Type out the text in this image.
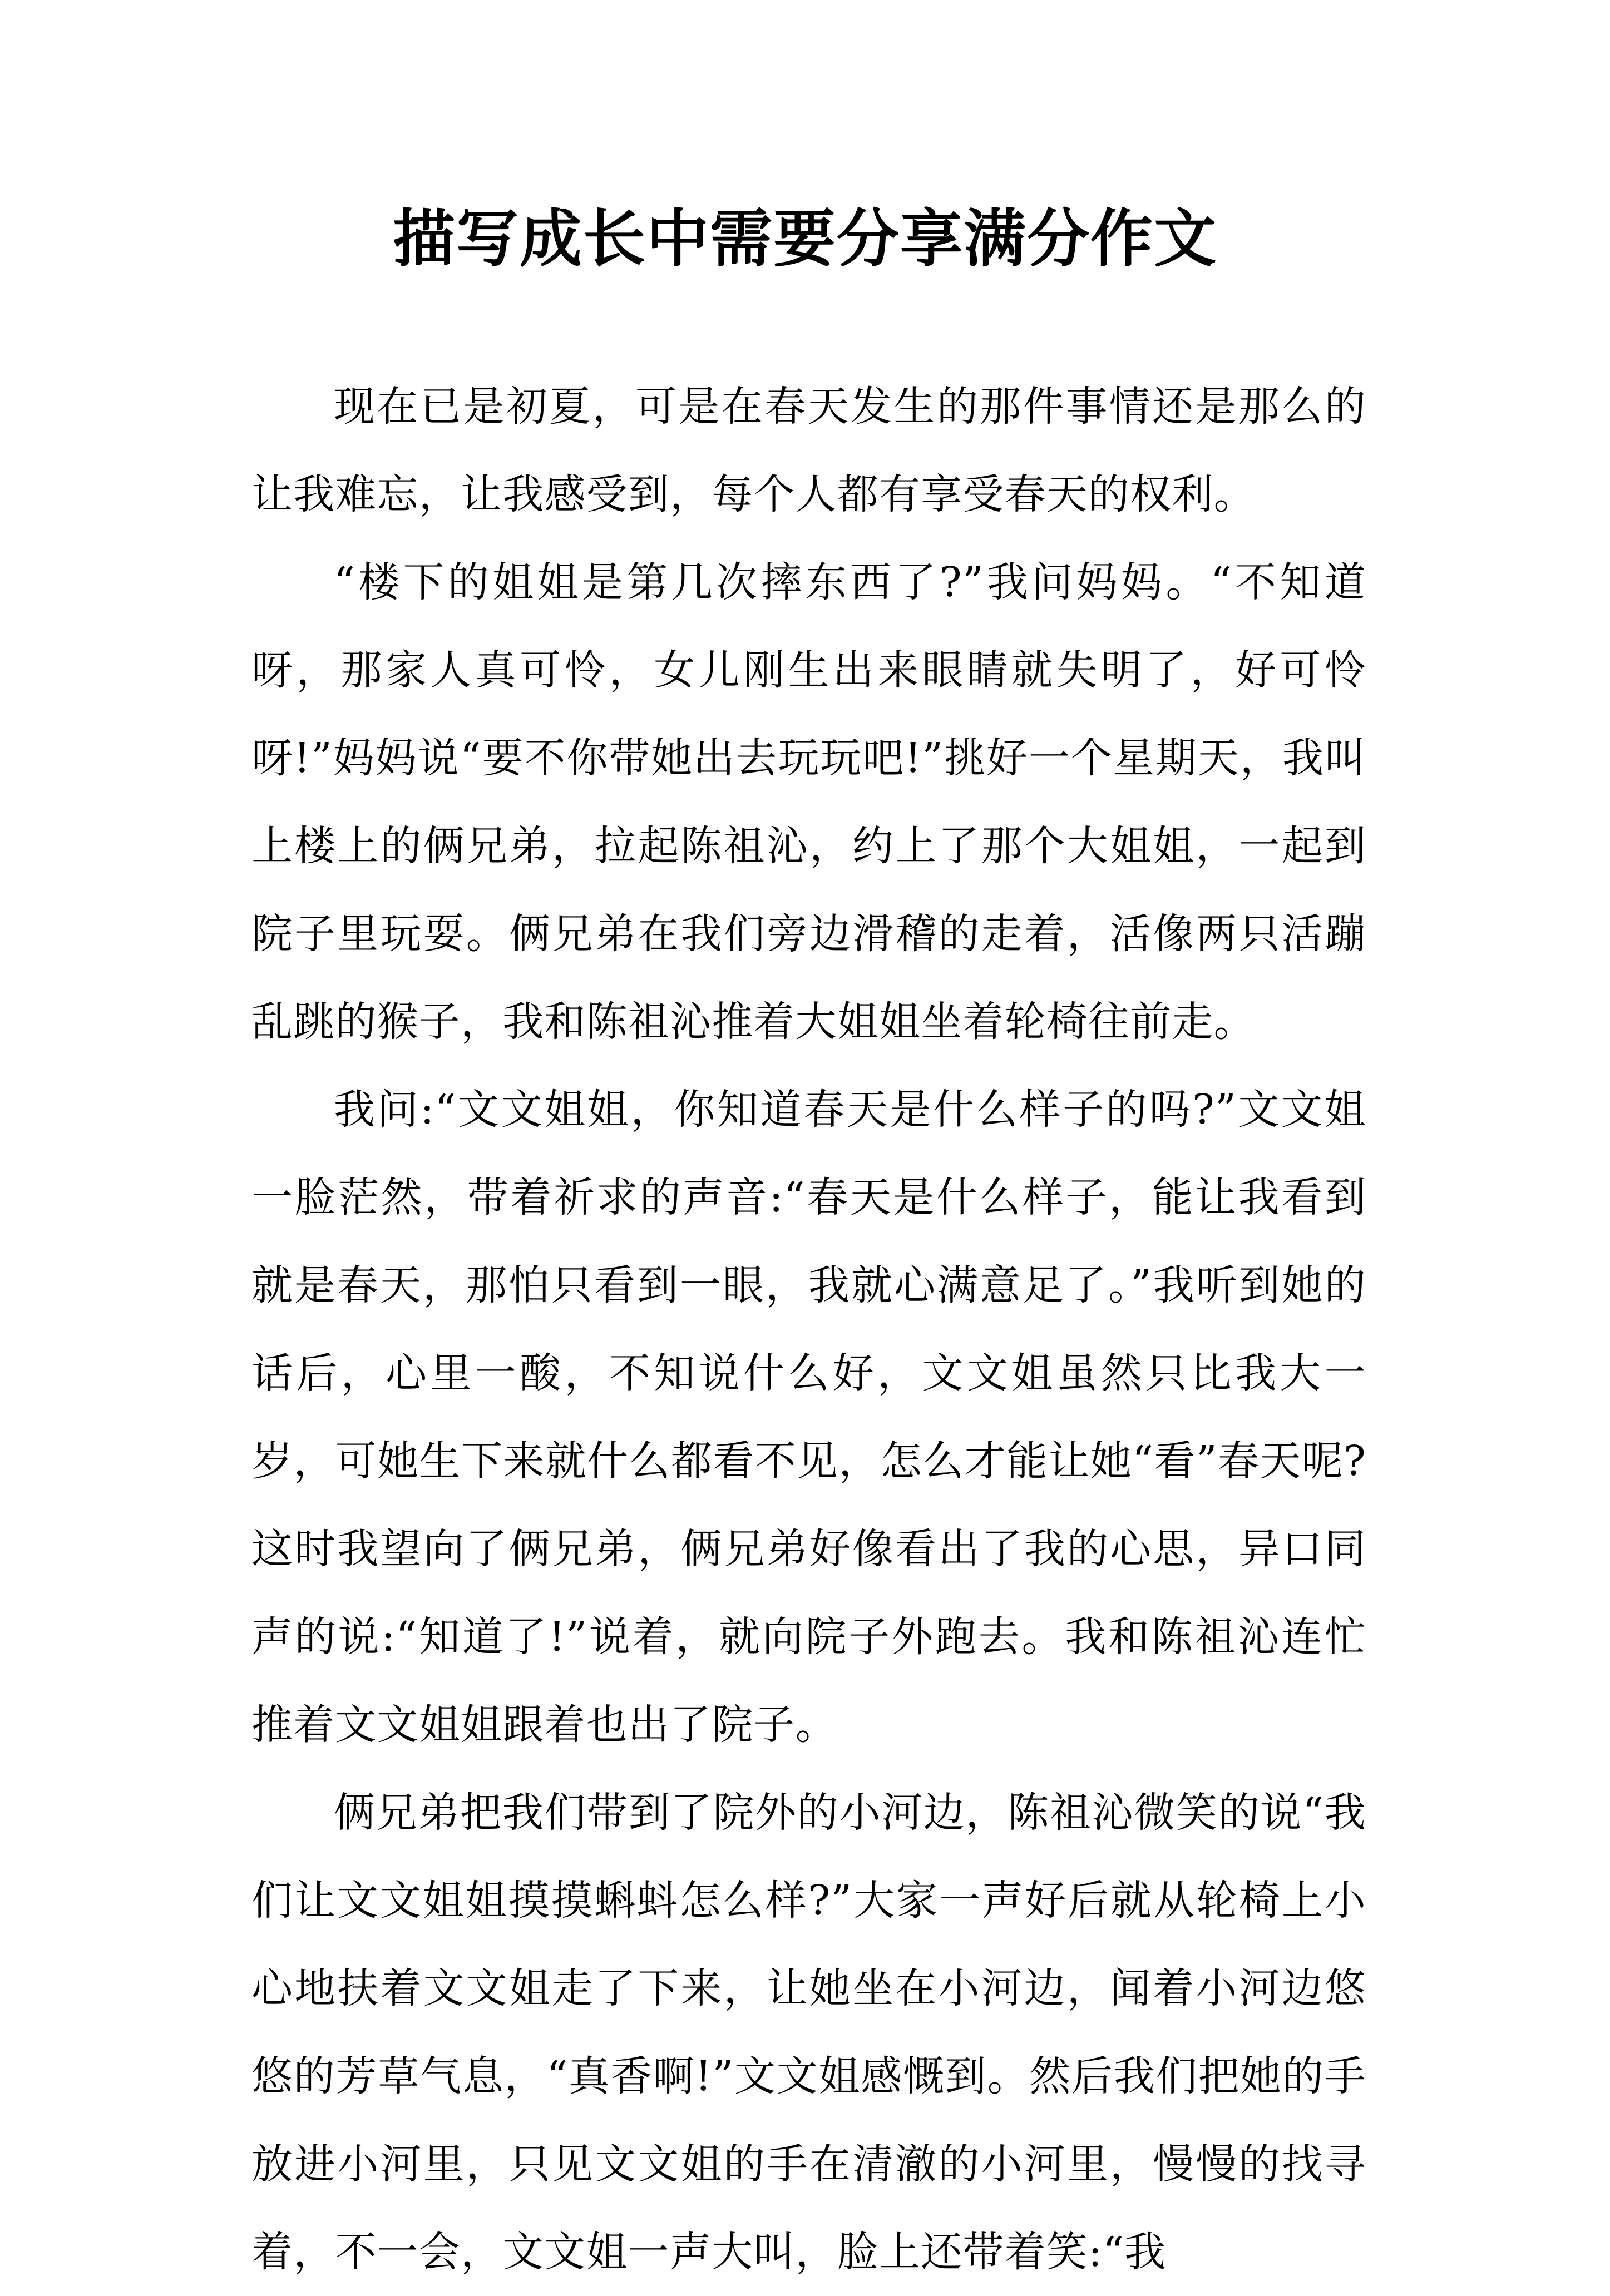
描写成长中需要分享满分作文

现在已是初夏，可是在春天发生的那件事情还是那么的让我难忘，让我感受到，每个人都有享受春天的权利。

“楼下的姐姐是第几次摔东西了?”我问妈妈。“不知道呀，那家人真可怜，女儿刚生出来眼睛就失明了，好可怜呀!”妈妈说“要不你带她出去玩玩吧!”挑好一个星期天，我叫上楼上的俩兄弟，拉起陈祖沁，约上了那个大姐姐，一起到院子里玩耍。俩兄弟在我们旁边滑稽的走着，活像两只活蹦乱跳的猴子，我和陈祖沁推着大姐姐坐着轮椅往前走。

我问:“文文姐姐，你知道春天是什么样子的吗?”文文姐一脸茫然，带着祈求的声音:“春天是什么样子，能让我看到就是春天，那怕只看到一眼，我就心满意足了。”我听到她的话后，心里一酸，不知说什么好，文文姐虽然只比我大一岁，可她生下来就什么都看不见，怎么才能让她“看”春天呢?这时我望向了俩兄弟，俩兄弟好像看出了我的心思，异口同声的说:“知道了!”说着，就向院子外跑去。我和陈祖沁连忙推着文文姐姐跟着也出了院子。

俩兄弟把我们带到了院外的小河边，陈祖沁微笑的说“我们让文文姐姐摸摸蝌蚪怎么样?”大家一声好后就从轮椅上小心地扶着文文姐走了下来，让她坐在小河边，闻着小河边悠悠的芳草气息，“真香啊!”文文姐感慨到。然后我们把她的手放进小河里，只见文文姐的手在清澈的小河里，慢慢的找寻着，不一会，文文姐一声大叫，脸上还带着笑:“我
